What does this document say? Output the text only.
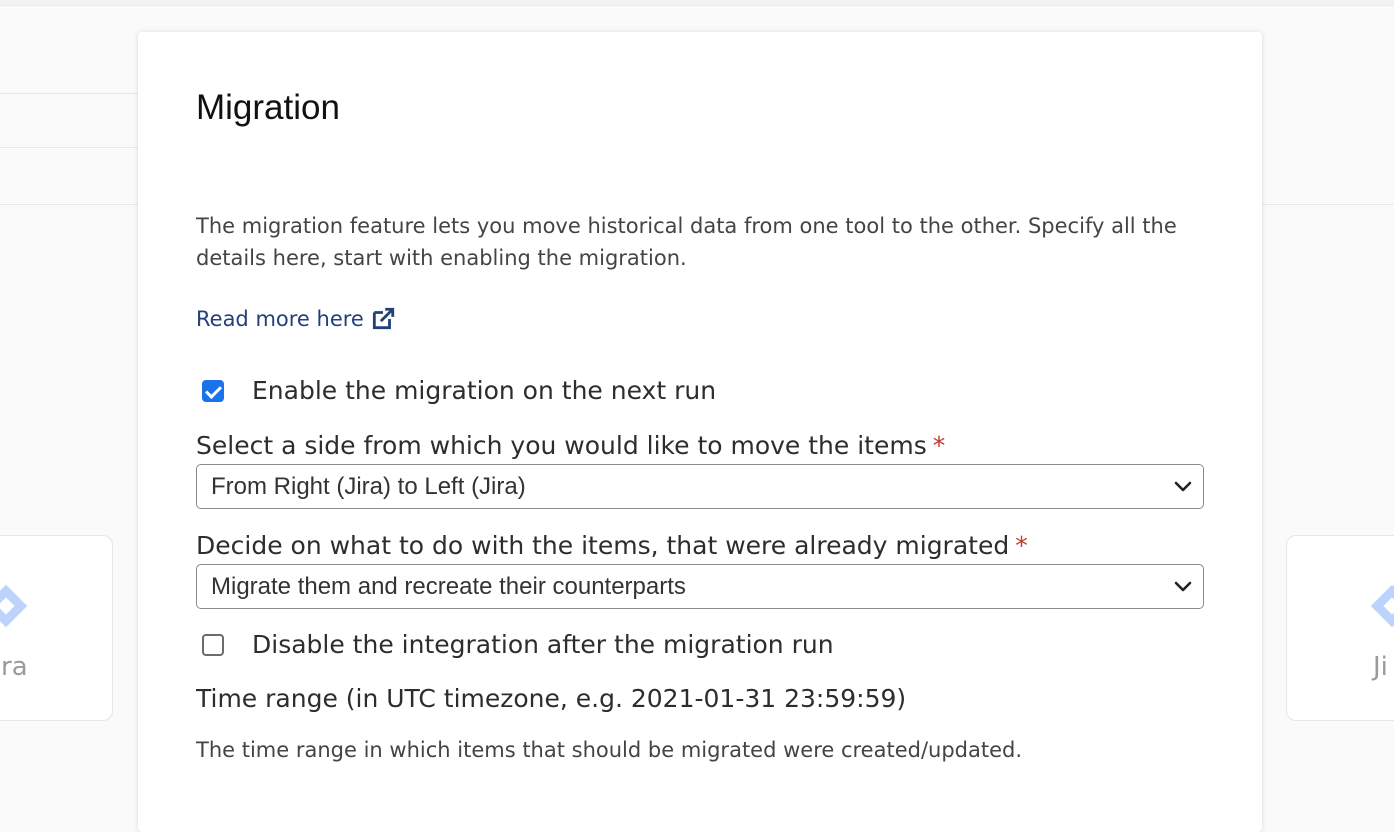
ra	Ji
Migration
The migration feature lets you move historical data from one tool to the other. Specify all the details here, start with enabling the migration.
Read more here
Enable the migration on the next run
Select a side from which you would like to move the items *
From Right (Jira) to Left (Jira)
Decide on what to do with the items, that were already migrated *
Migrate them and recreate their counterparts
Disable the integration after the migration run
Time range (in UTC timezone, e.g. 2021-01-31 23:59:59)
The time range in which items that should be migrated were created/updated.
